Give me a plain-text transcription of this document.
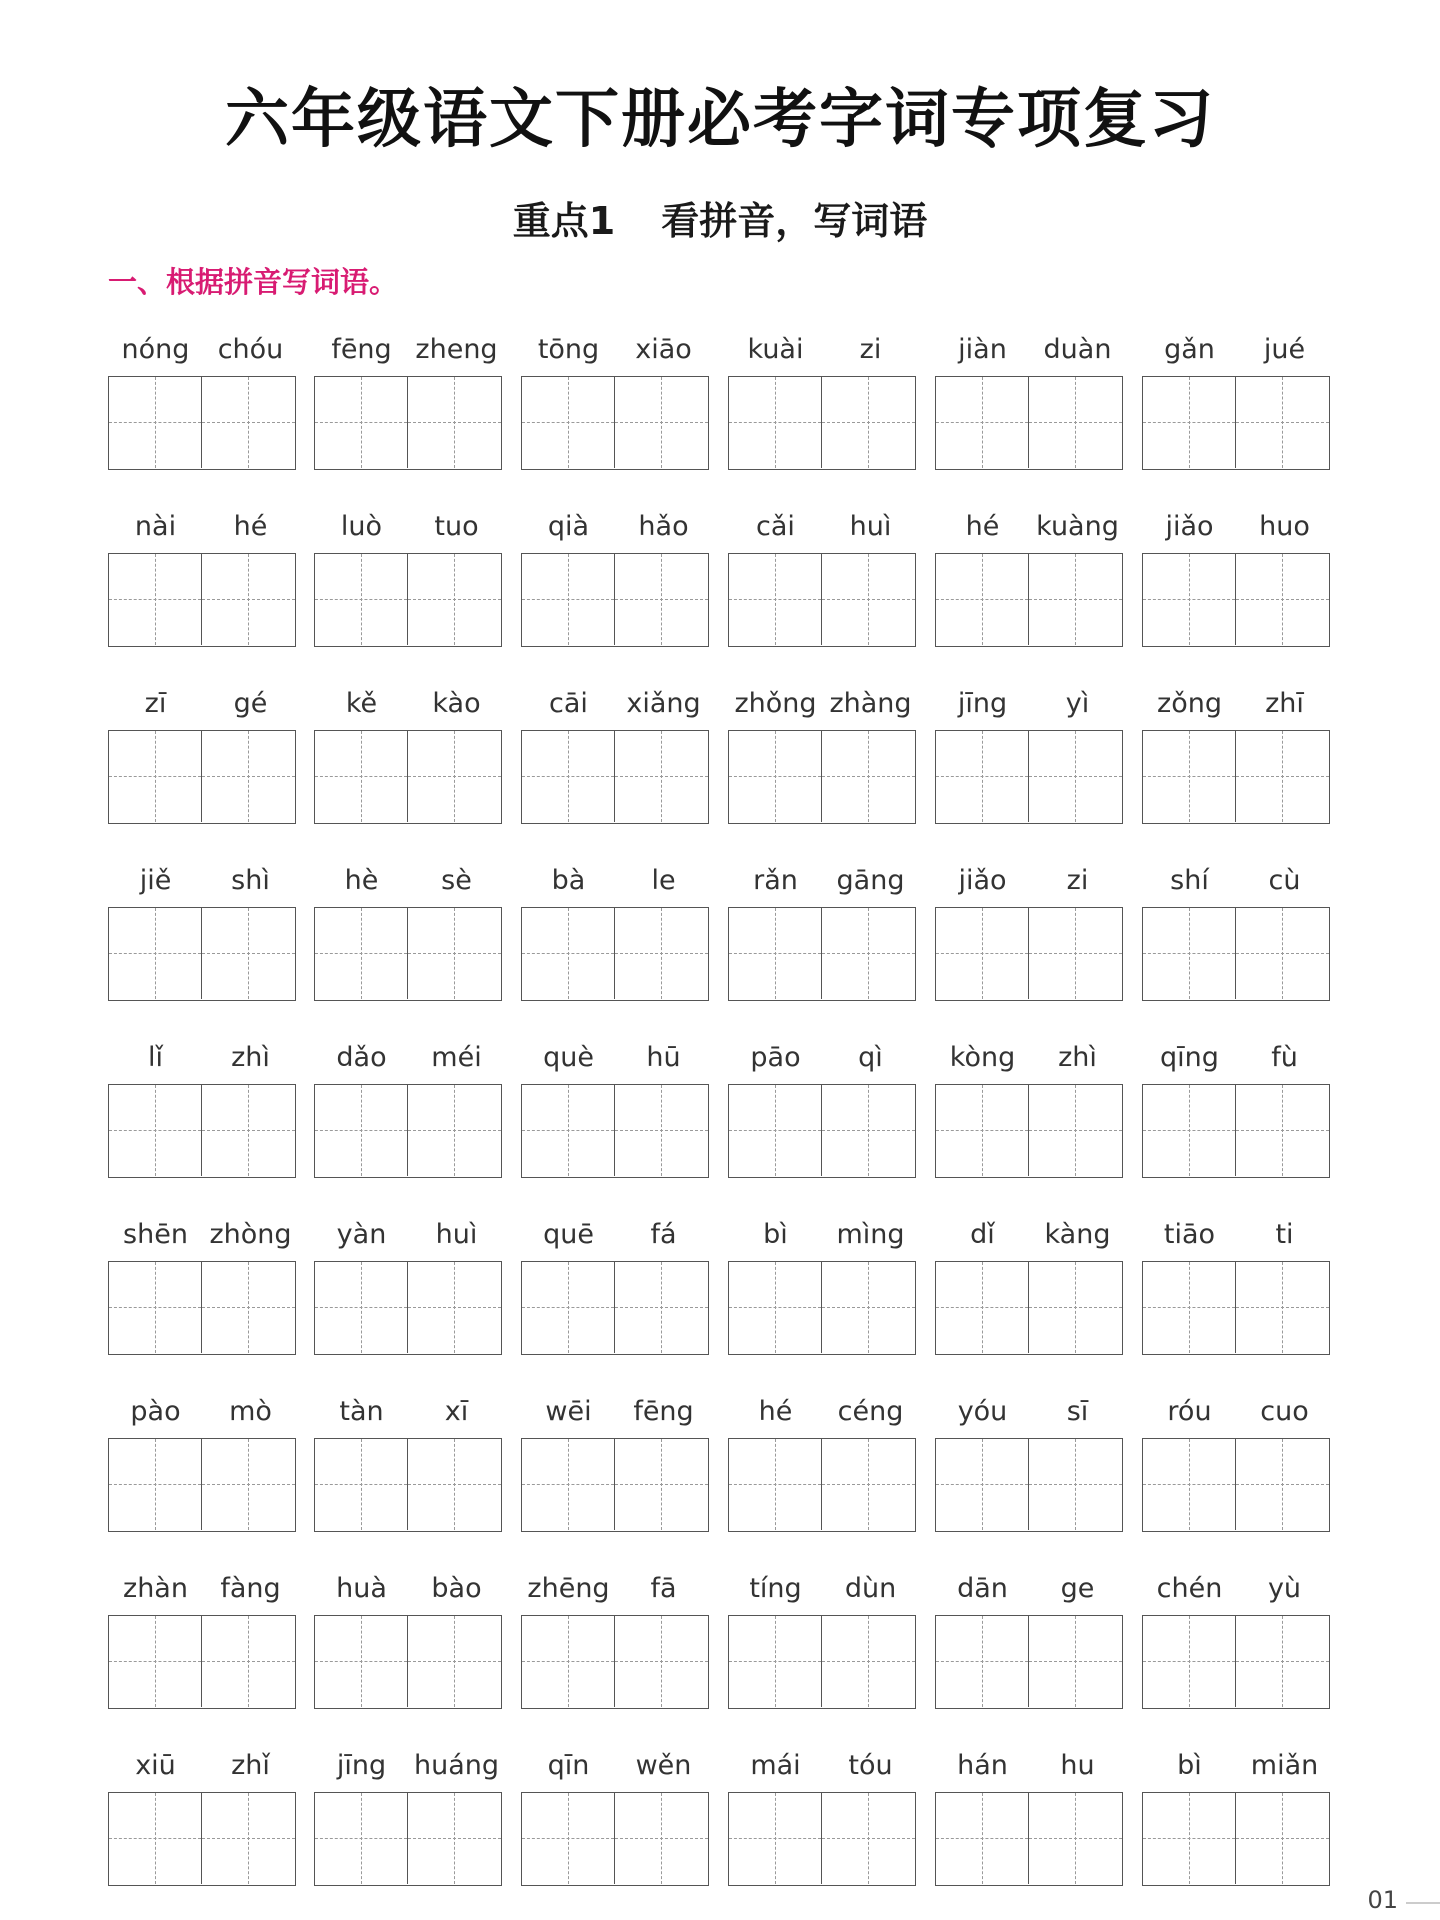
六年级语文下册必考字词专项复习
重点1 看拼音，写词语
一、根据拼音写词语。
nóng	chóu	fēng zheng	tōng	xiāo	kuài	zi	jiàn	duàn	gǎn	jué
nài	hé	luò	tuo	qià	hǎo	cǎi	huì	hé	kuàng	jiǎo	huo
zī	gé	kě	kào	cāi	xiǎng	zhǒng zhàng	jīng	yì	zǒng	zhī
jiě	shì	hè	sè	bà	le	rǎn	gāng	jiǎo	zi	shí	cù
lǐ	zhì	dǎo	méi	què	hū	pāo	qì	kòng	zhì	qīng	fù
shēn zhòng	yàn	huì	quē	fá	bì	mìng	dǐ	kàng	tiāo	ti
pào	mò	tàn	xī	wēi	fēng	hé	céng	yóu	sī	róu	cuo
zhàn	fàng	huà	bào	zhēng	fā	tíng	dùn	dān	ge	chén	yù
xiū	zhǐ	jīng	huáng	qīn	wěn	mái	tóu	hán	hu	bì	miǎn
01
